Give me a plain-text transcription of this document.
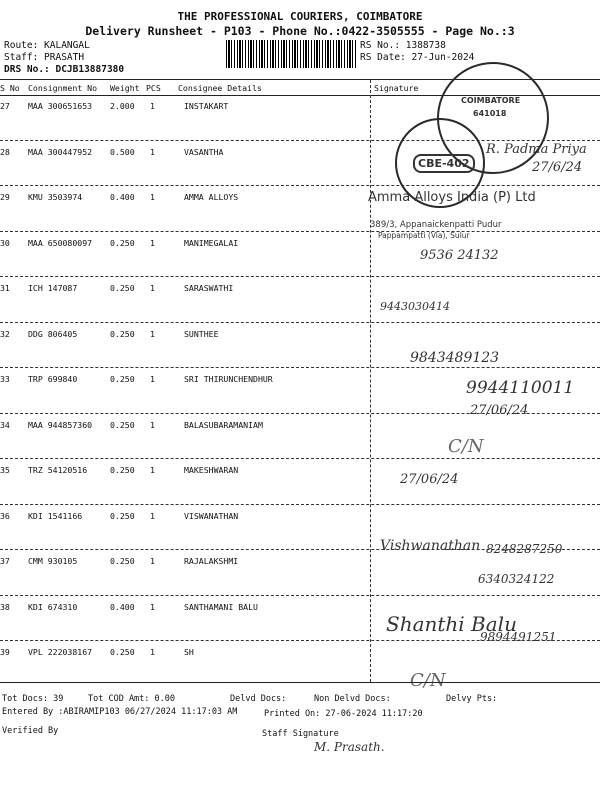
THE PROFESSIONAL COURIERS, COIMBATORE
Delivery Runsheet - P103 - Phone No.:0422-3505555 - Page No.:3
Route: KALANGAL
Staff: PRASATH
DRS No.: DCJB13887380
RS No.: 1388738
RS Date: 27-Jun-2024
S No Consignment No Weight PCS Consignee Details	Signature
27 MAA 300651653 2.000 1	INSTAKART
28 MAA 300447952 0.500 1	VASANTHA
29 KMU 3503974	0.400 1	AMMA ALLOYS
30 MAA 650080097 0.250 1	MANIMEGALAI
31 ICH 147087	0.250 1	SARASWATHI
32 DDG 806405	0.250 1	SUNTHEE
33 TRP 699840	0.250 1	SRI THIRUNCHENDHUR
34 MAA 944857360 0.250 1	BALASUBARAMANIAM
35 TRZ 54120516	0.250 1	MAKESHWARAN
36 KDI 1541166	0.250 1	VISWANATHAN
37 CMM 930105	0.250 1	RAJALAKSHMI
38 KDI 674310	0.400 1	SANTHAMANI BALU
39 VPL 222038167 0.250 1	SH
COIMBATORE
641018
CBE-402
R. Padma Priya
27/6/24
Amma Alloys India (P) Ltd
389/3, Appanaickenpatti Pudur
Pappampatti (Via), Sulur
9536 24132
9443030414
9843489123
9944110011
27/06/24
C/N
27/06/24
Vishwanathan 8248287250
6340324122
Shanthi Balu
9894491251
C/N
Tot Docs: 39	Tot COD Amt: 0.00	Delvd Docs:	Non Delvd Docs:	Delvy Pts:
Entered By :ABIRAMIP103 06/27/2024 11:17:03 AM	Printed On: 27-06-2024 11:17:20
Verified By	Staff Signature
M. Prasath.
